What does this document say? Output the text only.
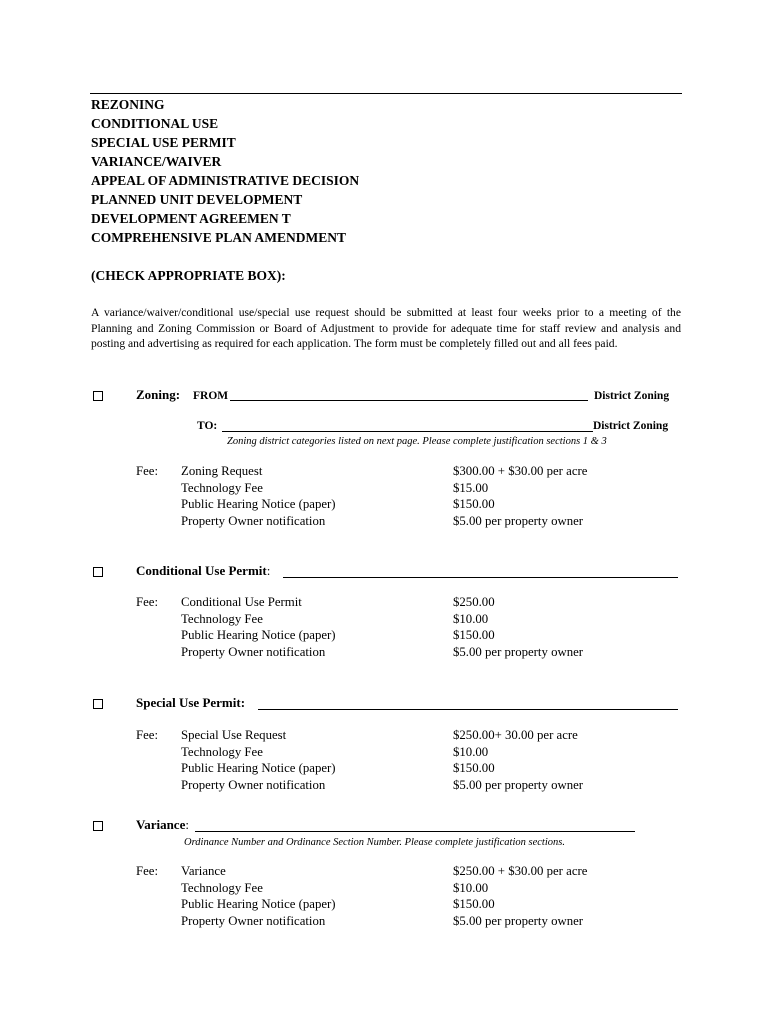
REZONING
CONDITIONAL USE
SPECIAL USE PERMIT
VARIANCE/WAIVER
APPEAL OF ADMINISTRATIVE DECISION
PLANNED UNIT DEVELOPMENT
DEVELOPMENT AGREEMEN T
COMPREHENSIVE PLAN AMENDMENT
(CHECK APPROPRIATE BOX):

A variance/waiver/conditional use/special use request should be submitted at least four weeks prior to a meeting of the Planning and Zoning Commission or Board of Adjustment to provide for adequate time for staff review and analysis and posting and advertising as required for each application. The form must be completely filled out and all fees paid.

Zoning: FROM	District Zoning
TO:	District Zoning
Zoning district categories listed on next page. Please complete justification sections 1 & 3
Fee: Zoning Request
Technology Fee
Public Hearing Notice (paper)
Property Owner notification
$300.00 + $30.00 per acre
$15.00
$150.00
$5.00 per property owner
Conditional Use Permit:
Fee: Conditional Use Permit
Technology Fee
Public Hearing Notice (paper)
Property Owner notification
$250.00
$10.00
$150.00
$5.00 per property owner
Special Use Permit:
Fee: Special Use Request
Technology Fee
Public Hearing Notice (paper)
Property Owner notification
$250.00+ 30.00 per acre
$10.00
$150.00
$5.00 per property owner
Variance:
Ordinance Number and Ordinance Section Number. Please complete justification sections.
Fee: Variance
Technology Fee
Public Hearing Notice (paper)
Property Owner notification
$250.00 + $30.00 per acre
$10.00
$150.00
$5.00 per property owner
